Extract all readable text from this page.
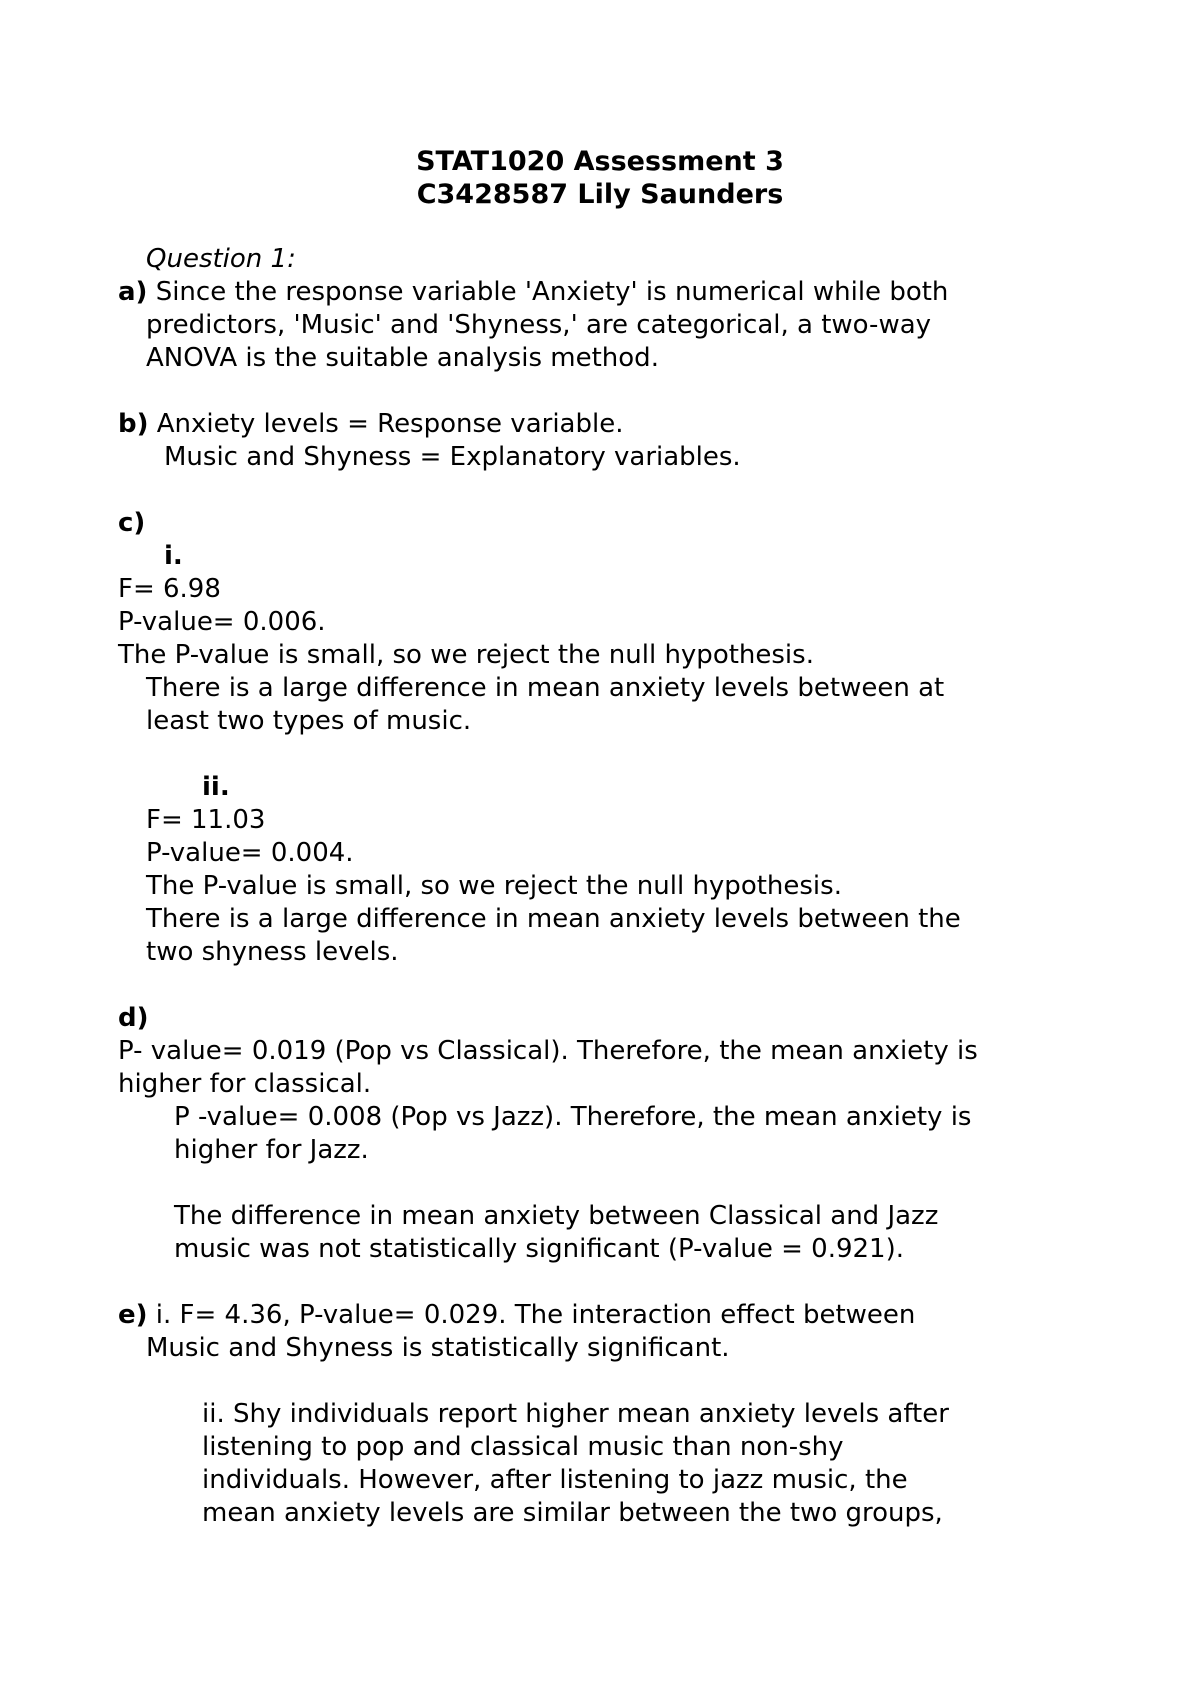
STAT1020 Assessment 3
C3428587 Lily Saunders
Question 1:
a) Since the response variable 'Anxiety' is numerical while both
predictors, 'Music' and 'Shyness,' are categorical, a two-way
ANOVA is the suitable analysis method.
b) Anxiety levels = Response variable.
Music and Shyness = Explanatory variables.
c)
i.
F= 6.98
P-value= 0.006.
The P-value is small, so we reject the null hypothesis.
There is a large difference in mean anxiety levels between at
least two types of music.
ii.
F= 11.03
P-value= 0.004.
The P-value is small, so we reject the null hypothesis.
There is a large difference in mean anxiety levels between the
two shyness levels.
d)
P- value= 0.019 (Pop vs Classical). Therefore, the mean anxiety is
higher for classical.
P -value= 0.008 (Pop vs Jazz). Therefore, the mean anxiety is
higher for Jazz.
The difference in mean anxiety between Classical and Jazz
music was not statistically significant (P-value = 0.921).
e) i. F= 4.36, P-value= 0.029. The interaction effect between
Music and Shyness is statistically significant.
ii. Shy individuals report higher mean anxiety levels after
listening to pop and classical music than non-shy
individuals. However, after listening to jazz music, the
mean anxiety levels are similar between the two groups,
